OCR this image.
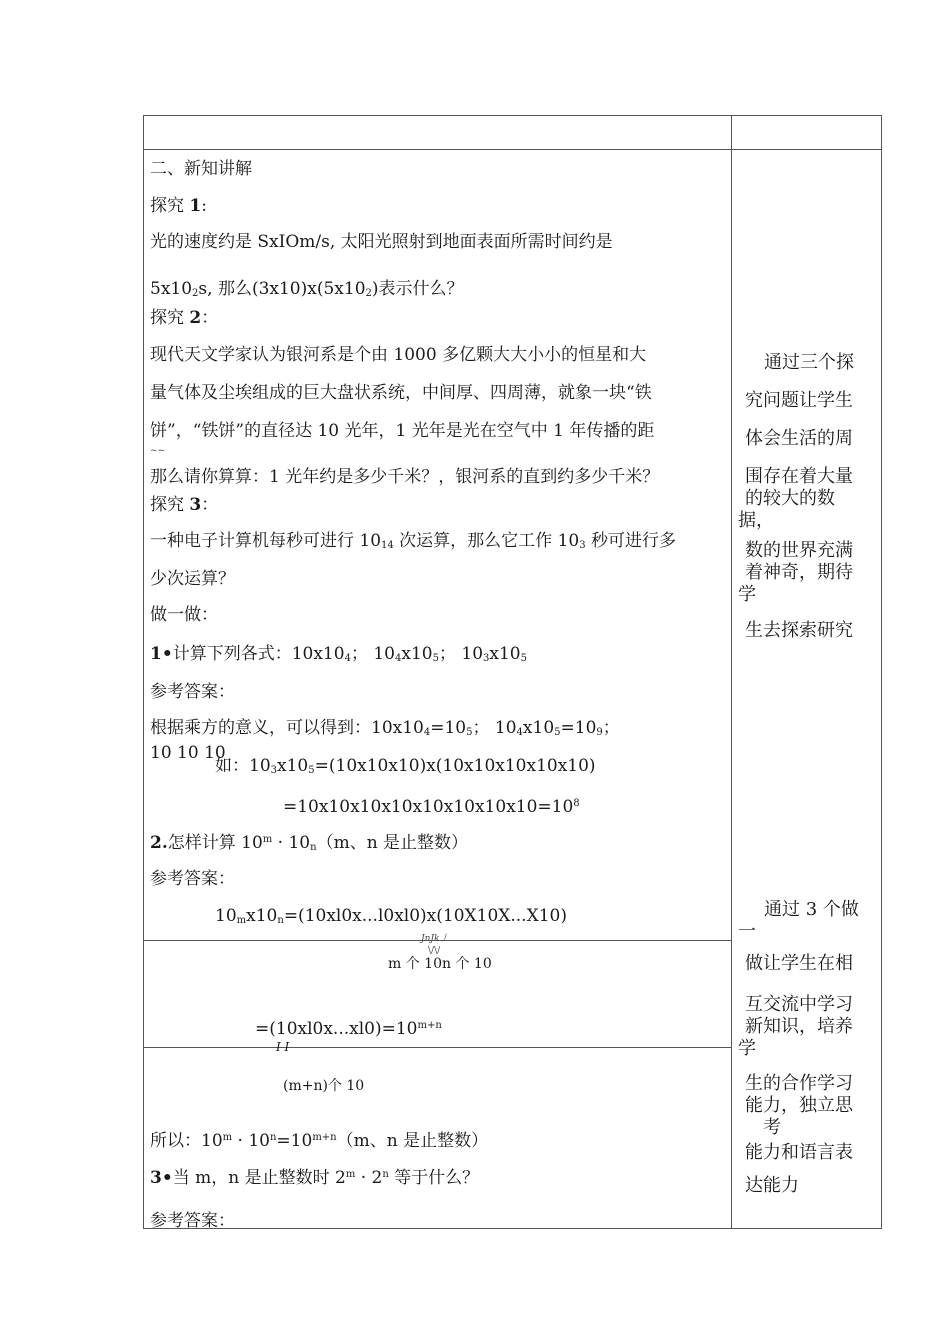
二、新知讲解
探究 1:
光的速度约是 SxIOm/s, 太阳光照射到地面表面所需时间约是
$5x10_2s$, 那么$(3x10)x(5x10_2)$表示什么？
探究 2：
现代天文学家认为银河系是个由 1000 多亿颗大大小小的恒星和大
量气体及尘埃组成的巨大盘状系统，中间厚、四周薄，就象一块“铁
饼”，“铁饼”的直径达 10 光年，1 光年是光在空气中 1 年传播的距
~~
那么请你算算：1 光年约是多少千米？，银河系的直到约多少千米？
探究 3：
一种电子计算机每秒可进行 $10_{14}$ 次运算，那么它工作 $10_3$ 秒可进行多
少次运算？
做一做：
1•计算下列各式：$10x10_4$； $10_4x10_5$； $10_3x10_5$
参考答案：
根据乘方的意义，可以得到：$10x10_4=10_5$； $10_4x10_5=10_9$；
10 10 10
如：$10_3x10_5=(10x10x10)x(10x10x10x10x10)$
$=10x10x10x10x10x10x10x10=10^8$
2.怎样计算 $10^m \cdot 10_n(m$、n 是止整数）
参考答案：
$10_mx10_n=(10xl0x...l0xl0)x(10X10X...X10)$
JnJk丿
\/\/
m 个 10n 个 10
$=(10xl0x...xl0)=10^{m+n}$
I I
(m+n)个 10
所以：$10^m \cdot 10^n=10^{m+n}(m$、n 是止整数）
3•当 m，n 是止整数时 $2^m \cdot 2^n$ 等于什么？
参考答案：
通过三个探
究问题让学生
体会生活的周
围存在着大量
的较大的数
据，
数的世界充满
着神奇，期待
学
生去探索研究
通过 3 个做
一
做让学生在相
互交流中学习
新知识，培养
学
生的合作学习
能力，独立思
考
能力和语言表
达能力
